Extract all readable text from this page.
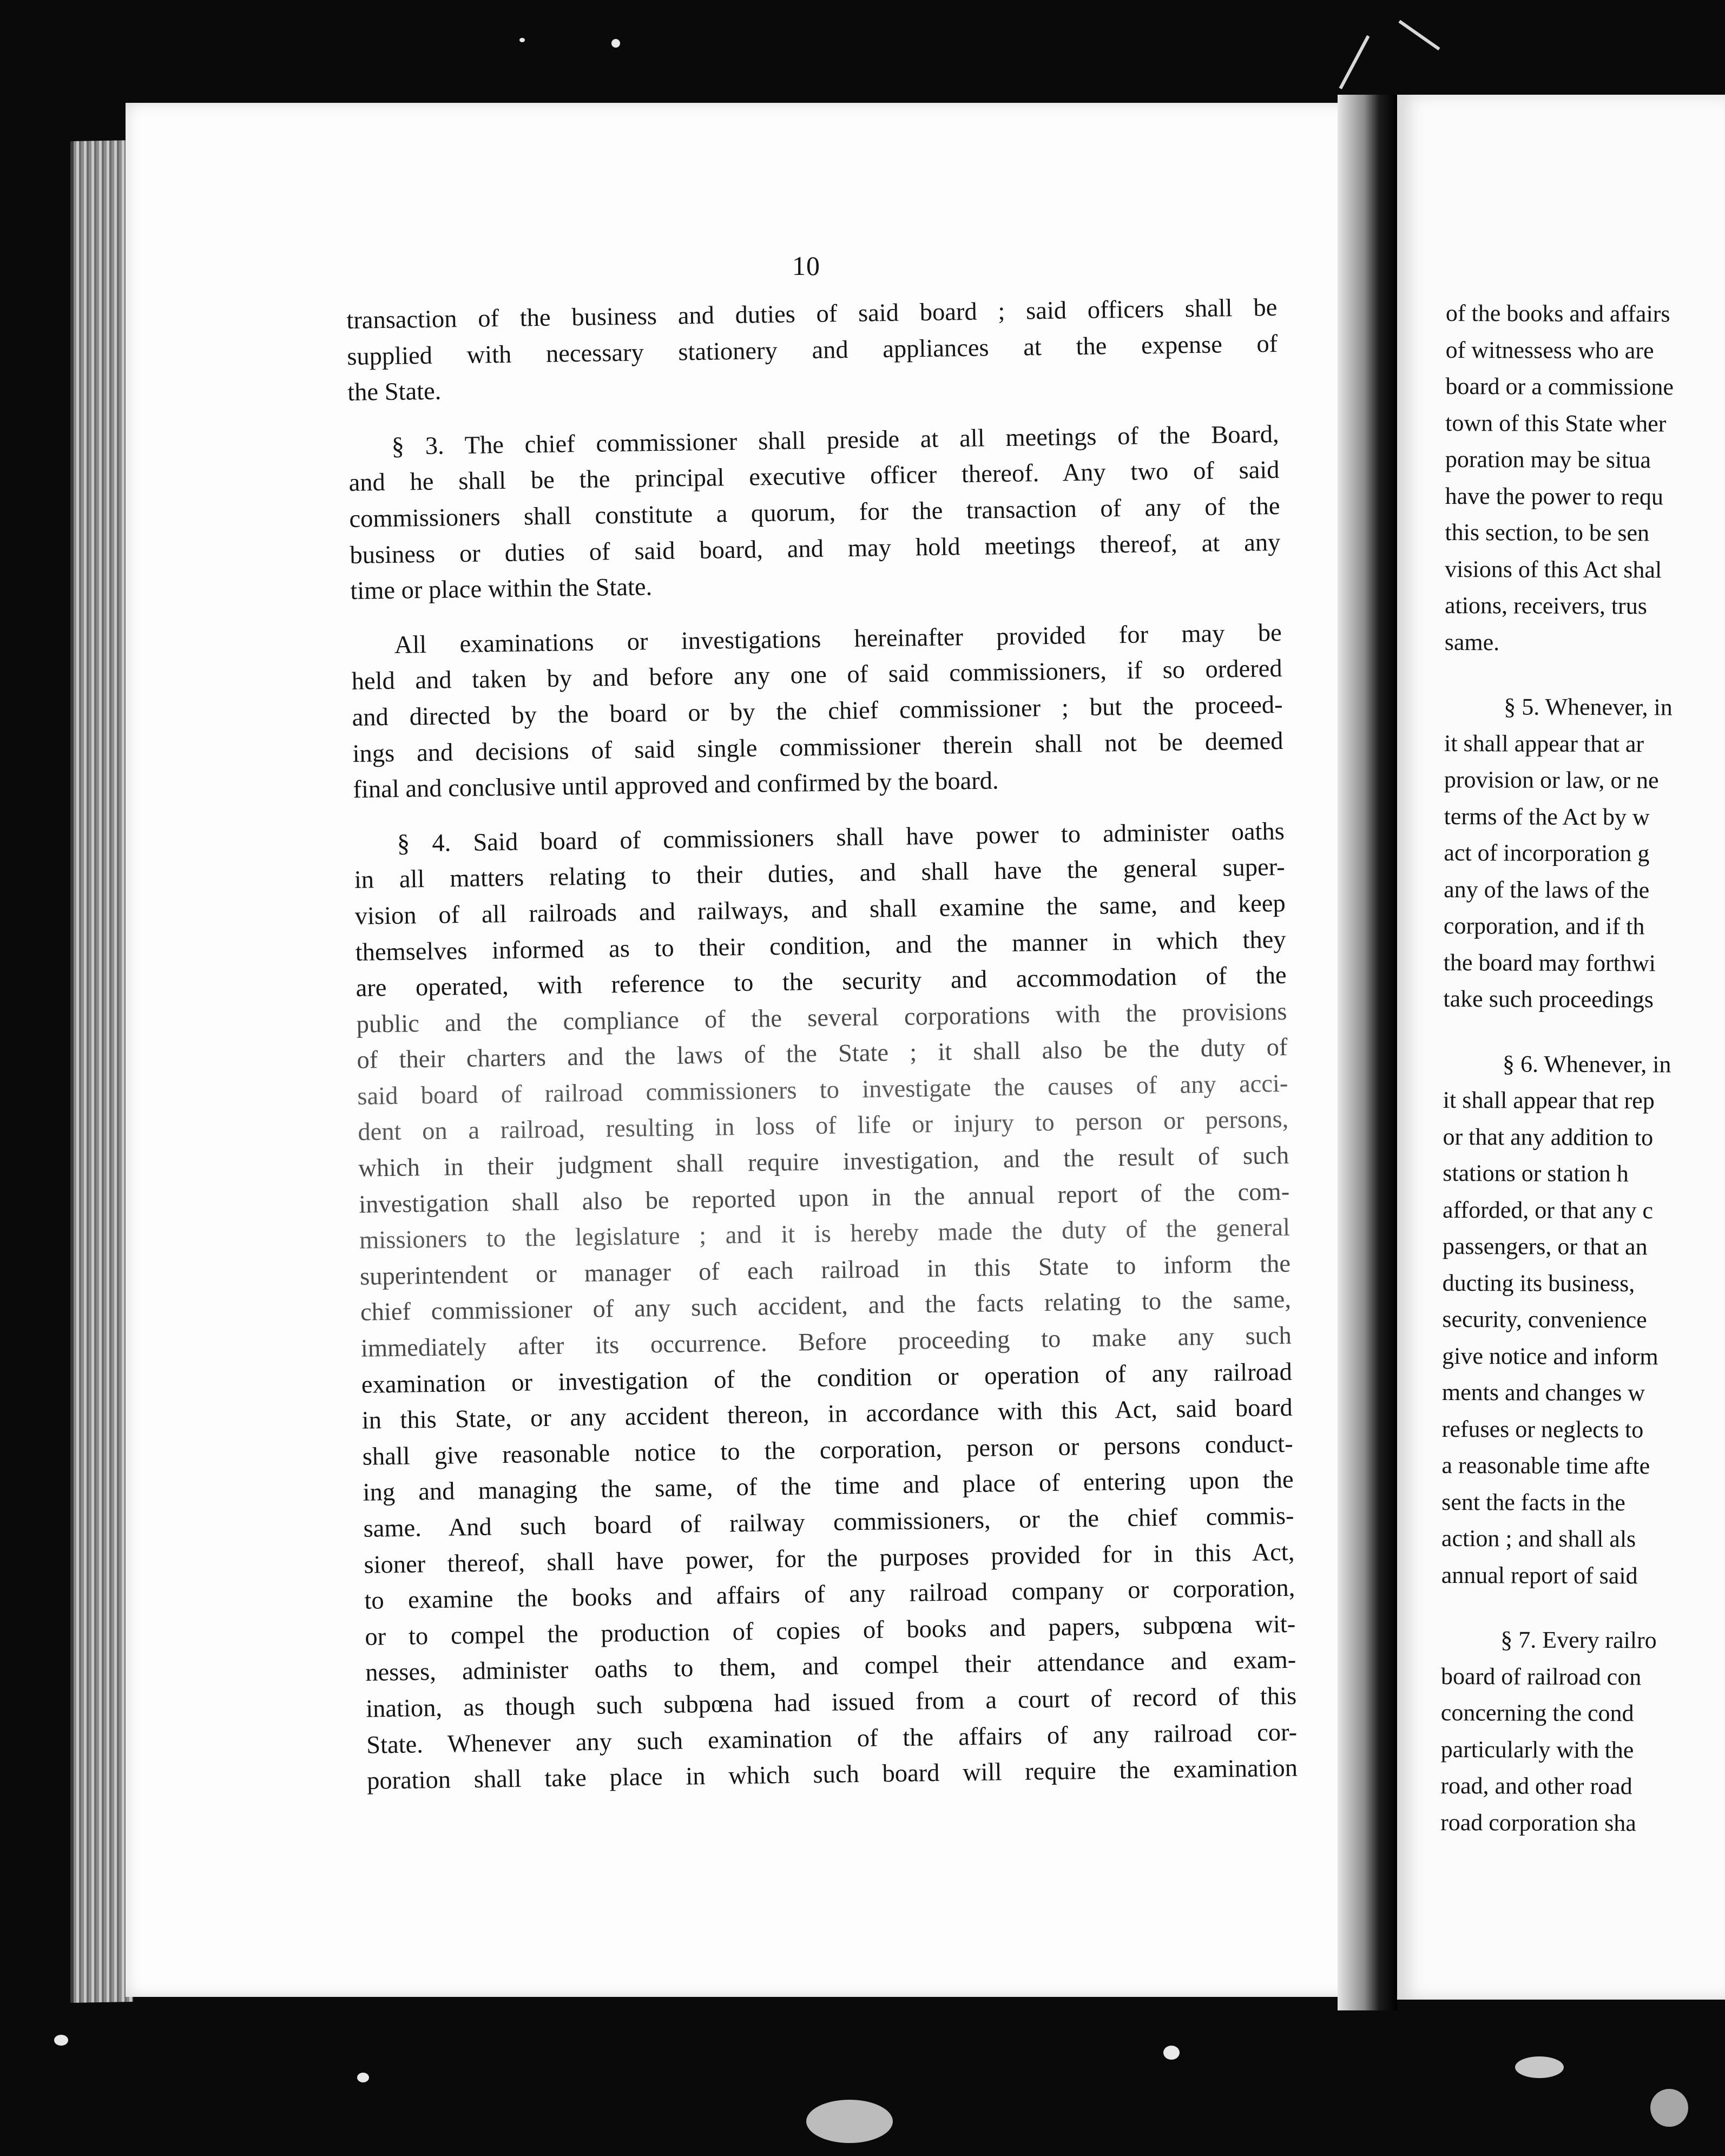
10

transaction of the business and duties of said board ; said officers shall be
supplied with necessary stationery and appliances at the expense of
the State.

§ 3. The chief commissioner shall preside at all meetings of the Board,
and he shall be the principal executive officer thereof. Any two of said
commissioners shall constitute a quorum, for the transaction of any of the
business or duties of said board, and may hold meetings thereof, at any
time or place within the State.

All examinations or investigations hereinafter provided for may be
held and taken by and before any one of said commissioners, if so ordered
and directed by the board or by the chief commissioner ; but the proceed-
ings and decisions of said single commissioner therein shall not be deemed
final and conclusive until approved and confirmed by the board.

§ 4. Said board of commissioners shall have power to administer oaths
in all matters relating to their duties, and shall have the general super-
vision of all railroads and railways, and shall examine the same, and keep
themselves informed as to their condition, and the manner in which they
are operated, with reference to the security and accommodation of the
public and the compliance of the several corporations with the provisions
of their charters and the laws of the State ; it shall also be the duty of
said board of railroad commissioners to investigate the causes of any acci-
dent on a railroad, resulting in loss of life or injury to person or persons,
which in their judgment shall require investigation, and the result of such
investigation shall also be reported upon in the annual report of the com-
missioners to the legislature ; and it is hereby made the duty of the general
superintendent or manager of each railroad in this State to inform the
chief commissioner of any such accident, and the facts relating to the same,
immediately after its occurrence. Before proceeding to make any such
examination or investigation of the condition or operation of any railroad
in this State, or any accident thereon, in accordance with this Act, said board
shall give reasonable notice to the corporation, person or persons conduct-
ing and managing the same, of the time and place of entering upon the
same. And such board of railway commissioners, or the chief commis-
sioner thereof, shall have power, for the purposes provided for in this Act,
to examine the books and affairs of any railroad company or corporation,
or to compel the production of copies of books and papers, subpœna wit-
nesses, administer oaths to them, and compel their attendance and exam-
ination, as though such subpœna had issued from a court of record of this
State. Whenever any such examination of the affairs of any railroad cor-
poration shall take place in which such board will require the examination

of the books and affairs
of witnessess who are
board or a commissione
town of this State wher
poration may be situa
have the power to requ
this section, to be sen
visions of this Act shal
ations, receivers, trus
same.

§ 5. Whenever, in
it shall appear that ar
provision or law, or ne
terms of the Act by w
act of incorporation g
any of the laws of the
corporation, and if th
the board may forthwi
take such proceedings

§ 6. Whenever, in
it shall appear that rep
or that any addition to
stations or station h
afforded, or that any c
passengers, or that an
ducting its business,
security, convenience
give notice and inform
ments and changes w
refuses or neglects to
a reasonable time afte
sent the facts in the
action ; and shall als
annual report of said

§ 7. Every railro
board of railroad con
concerning the cond
particularly with the
road, and other road
road corporation sha
